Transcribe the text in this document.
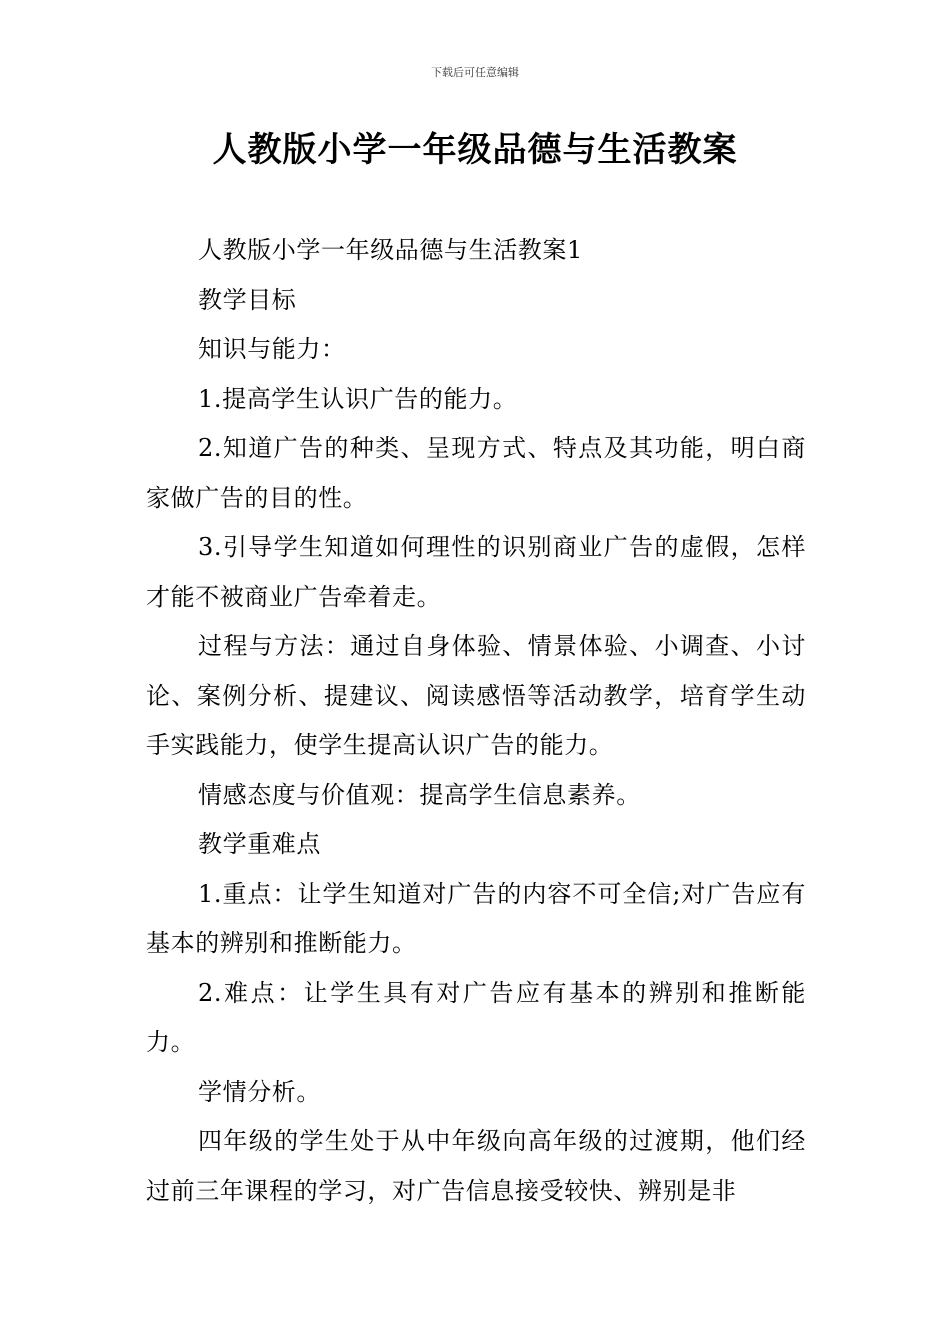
下载后可任意编辑
人教版小学一年级品德与生活教案

人教版小学一年级品德与生活教案1

教学目标

知识与能力：

1.提高学生认识广告的能力。

2.知道广告的种类、呈现方式、特点及其功能，明白商家做广告的目的性。

3.引导学生知道如何理性的识别商业广告的虚假，怎样才能不被商业广告牵着走。

过程与方法：通过自身体验、情景体验、小调查、小讨论、案例分析、提建议、阅读感悟等活动教学，培育学生动手实践能力，使学生提高认识广告的能力。

情感态度与价值观：提高学生信息素养。

教学重难点

1.重点：让学生知道对广告的内容不可全信;对广告应有基本的辨别和推断能力。

2.难点：让学生具有对广告应有基本的辨别和推断能力。

学情分析。

四年级的学生处于从中年级向高年级的过渡期，他们经过前三年课程的学习，对广告信息接受较快、辨别是非
